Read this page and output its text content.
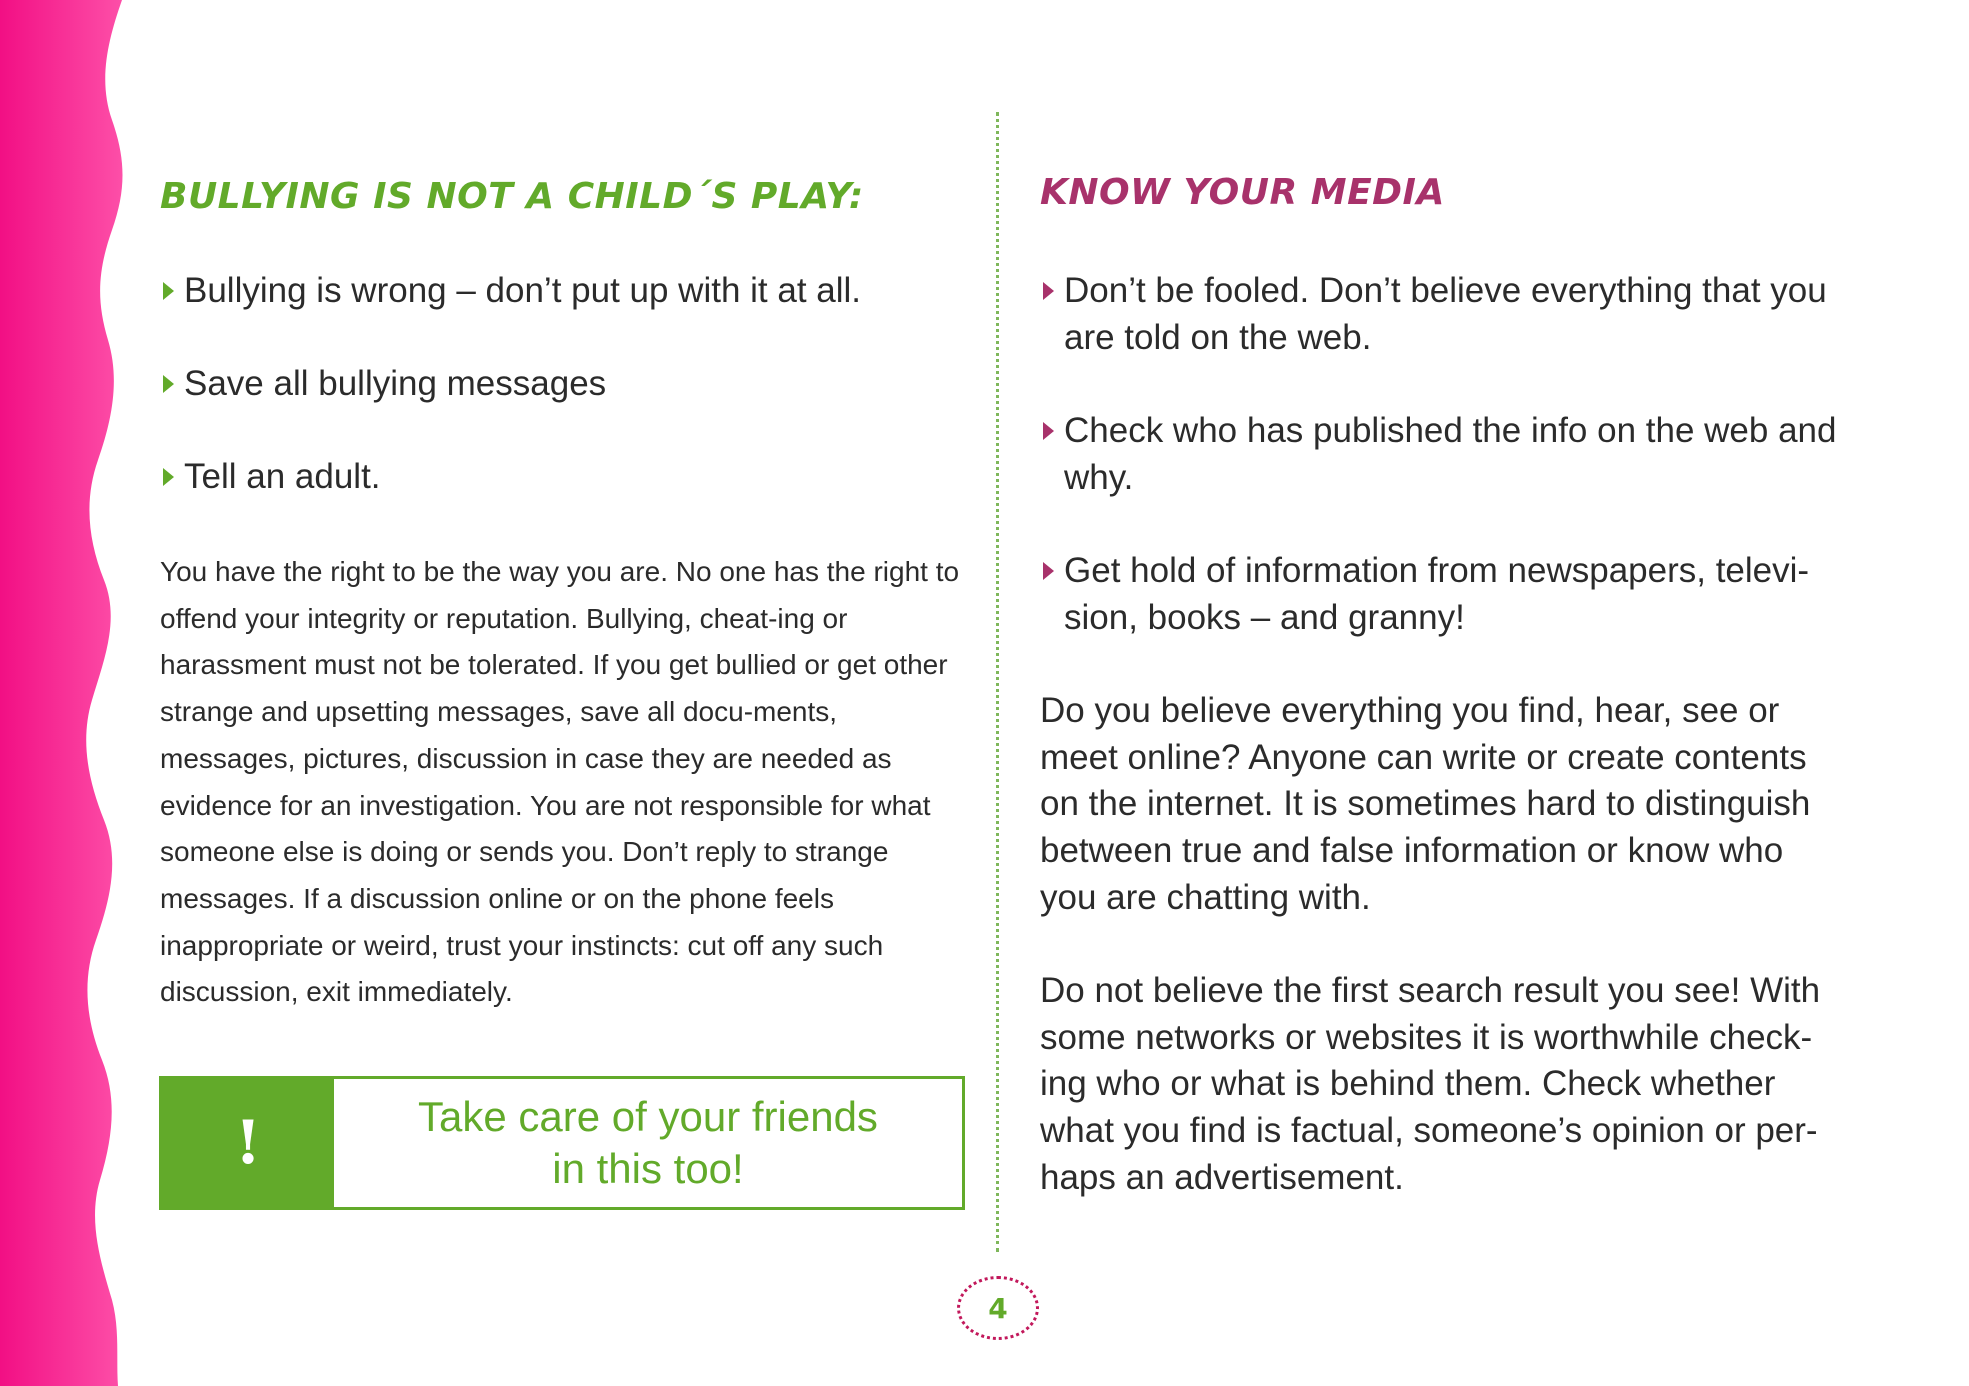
BULLYING IS NOT A CHILD´S PLAY:
Bullying is wrong – don’t put up with it at all.
Save all bullying messages
Tell an adult.

You have the right to be the way you are. No one has the right to offend your integrity or reputation. Bullying, cheat-ing or harassment must not be tolerated. If you get bullied or get other strange and upsetting messages, save all docu-ments, messages, pictures, discussion in case they are needed as evidence for an investigation. You are not responsible for what someone else is doing or sends you. Don’t reply to strange messages. If a discussion online or on the phone feels inappropriate or weird, trust your instincts: cut off any such discussion, exit immediately.

!	Take care of your friends
in this too!
KNOW YOUR MEDIA
Don’t be fooled. Don’t believe everything that you are told on the web.
Check who has published the info on the web and why.
Get hold of information from newspapers, televi-sion, books – and granny!

Do you believe everything you find, hear, see or meet online? Anyone can write or create contents on the internet. It is sometimes hard to distinguish between true and false information or know who you are chatting with.

Do not believe the first search result you see! With some networks or websites it is worthwhile check-ing who or what is behind them. Check whether what you find is factual, someone’s opinion or per-haps an advertisement.

4
